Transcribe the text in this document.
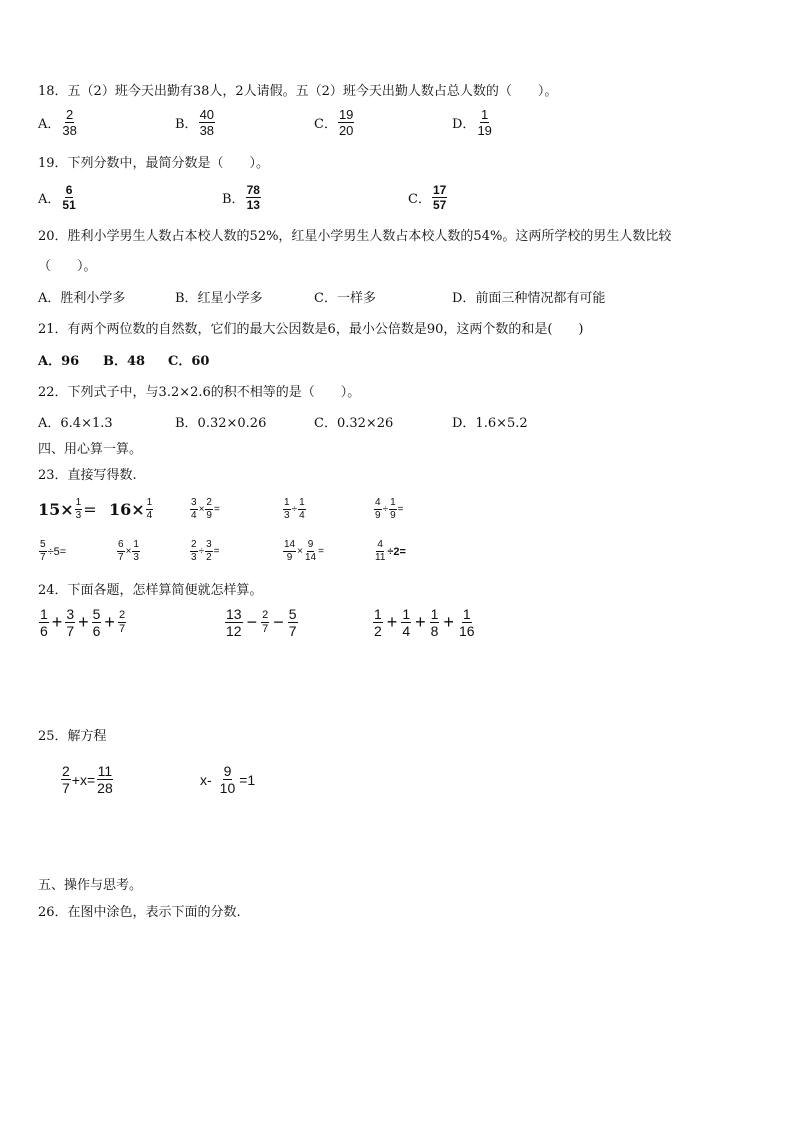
18．五（2）班今天出勤有38人，2人请假。五（2）班今天出勤人数占总人数的（　　）。
A． $\frac{2}{38}$	B． $\frac{40}{38}$	C． $\frac{19}{20}$	D． $\frac{1}{19}$
19．下列分数中，最简分数是（　　）。
A． $\frac{6}{51}$	B． $\frac{78}{13}$	C． $\frac{17}{57}$
20．胜利小学男生人数占本校人数的52%，红星小学男生人数占本校人数的54%。这两所学校的男生人数比较
（　　）。
A．胜利小学多	B．红星小学多	C．一样多	D．前面三种情况都有可能
21．有两个两位数的自然数，它们的最大公因数是6，最小公倍数是90，这两个数的和是(　　)
A．96 B．48 C．60
22．下列式子中，与3.2×2.6的积不相等的是（　　）。
A．6.4×1.3	B．0.32×0.26	C．0.32×26	D．1.6×5.2
四、用心算一算。
23．直接写得数.
$15\times \frac{1}{3} = 16\times \frac{1}{4}$	$\frac{3}{4} \times \frac{2}{9}$ =	$\frac{1}{3} \div \frac{1}{4}$	$\frac{4}{9} \div \frac{1}{9}$ =
$\frac{5}{7} \div 5=$	$\frac{6}{7} \times \frac{1}{3}$	$\frac{2}{3} \div \frac{3}{2}$ =	$\frac{14}{9} \times \frac{9}{14}$ =	$\frac{4}{11} \div 2=$
24．下面各题，怎样算简便就怎样算。
$\frac{1}{6} + \frac{3}{7} + \frac{5}{6} + \frac{2}{7}$	$\frac{13}{12} - \frac{2}{7} - \frac{5}{7}$	$\frac{1}{2} + \frac{1}{4} + \frac{1}{8} + \frac{1}{16}$
25．解方程
$\frac{2}{7} +x= \frac{11}{28}$	$x- \frac{9}{10} =1$
五、操作与思考。
26．在图中涂色，表示下面的分数.
